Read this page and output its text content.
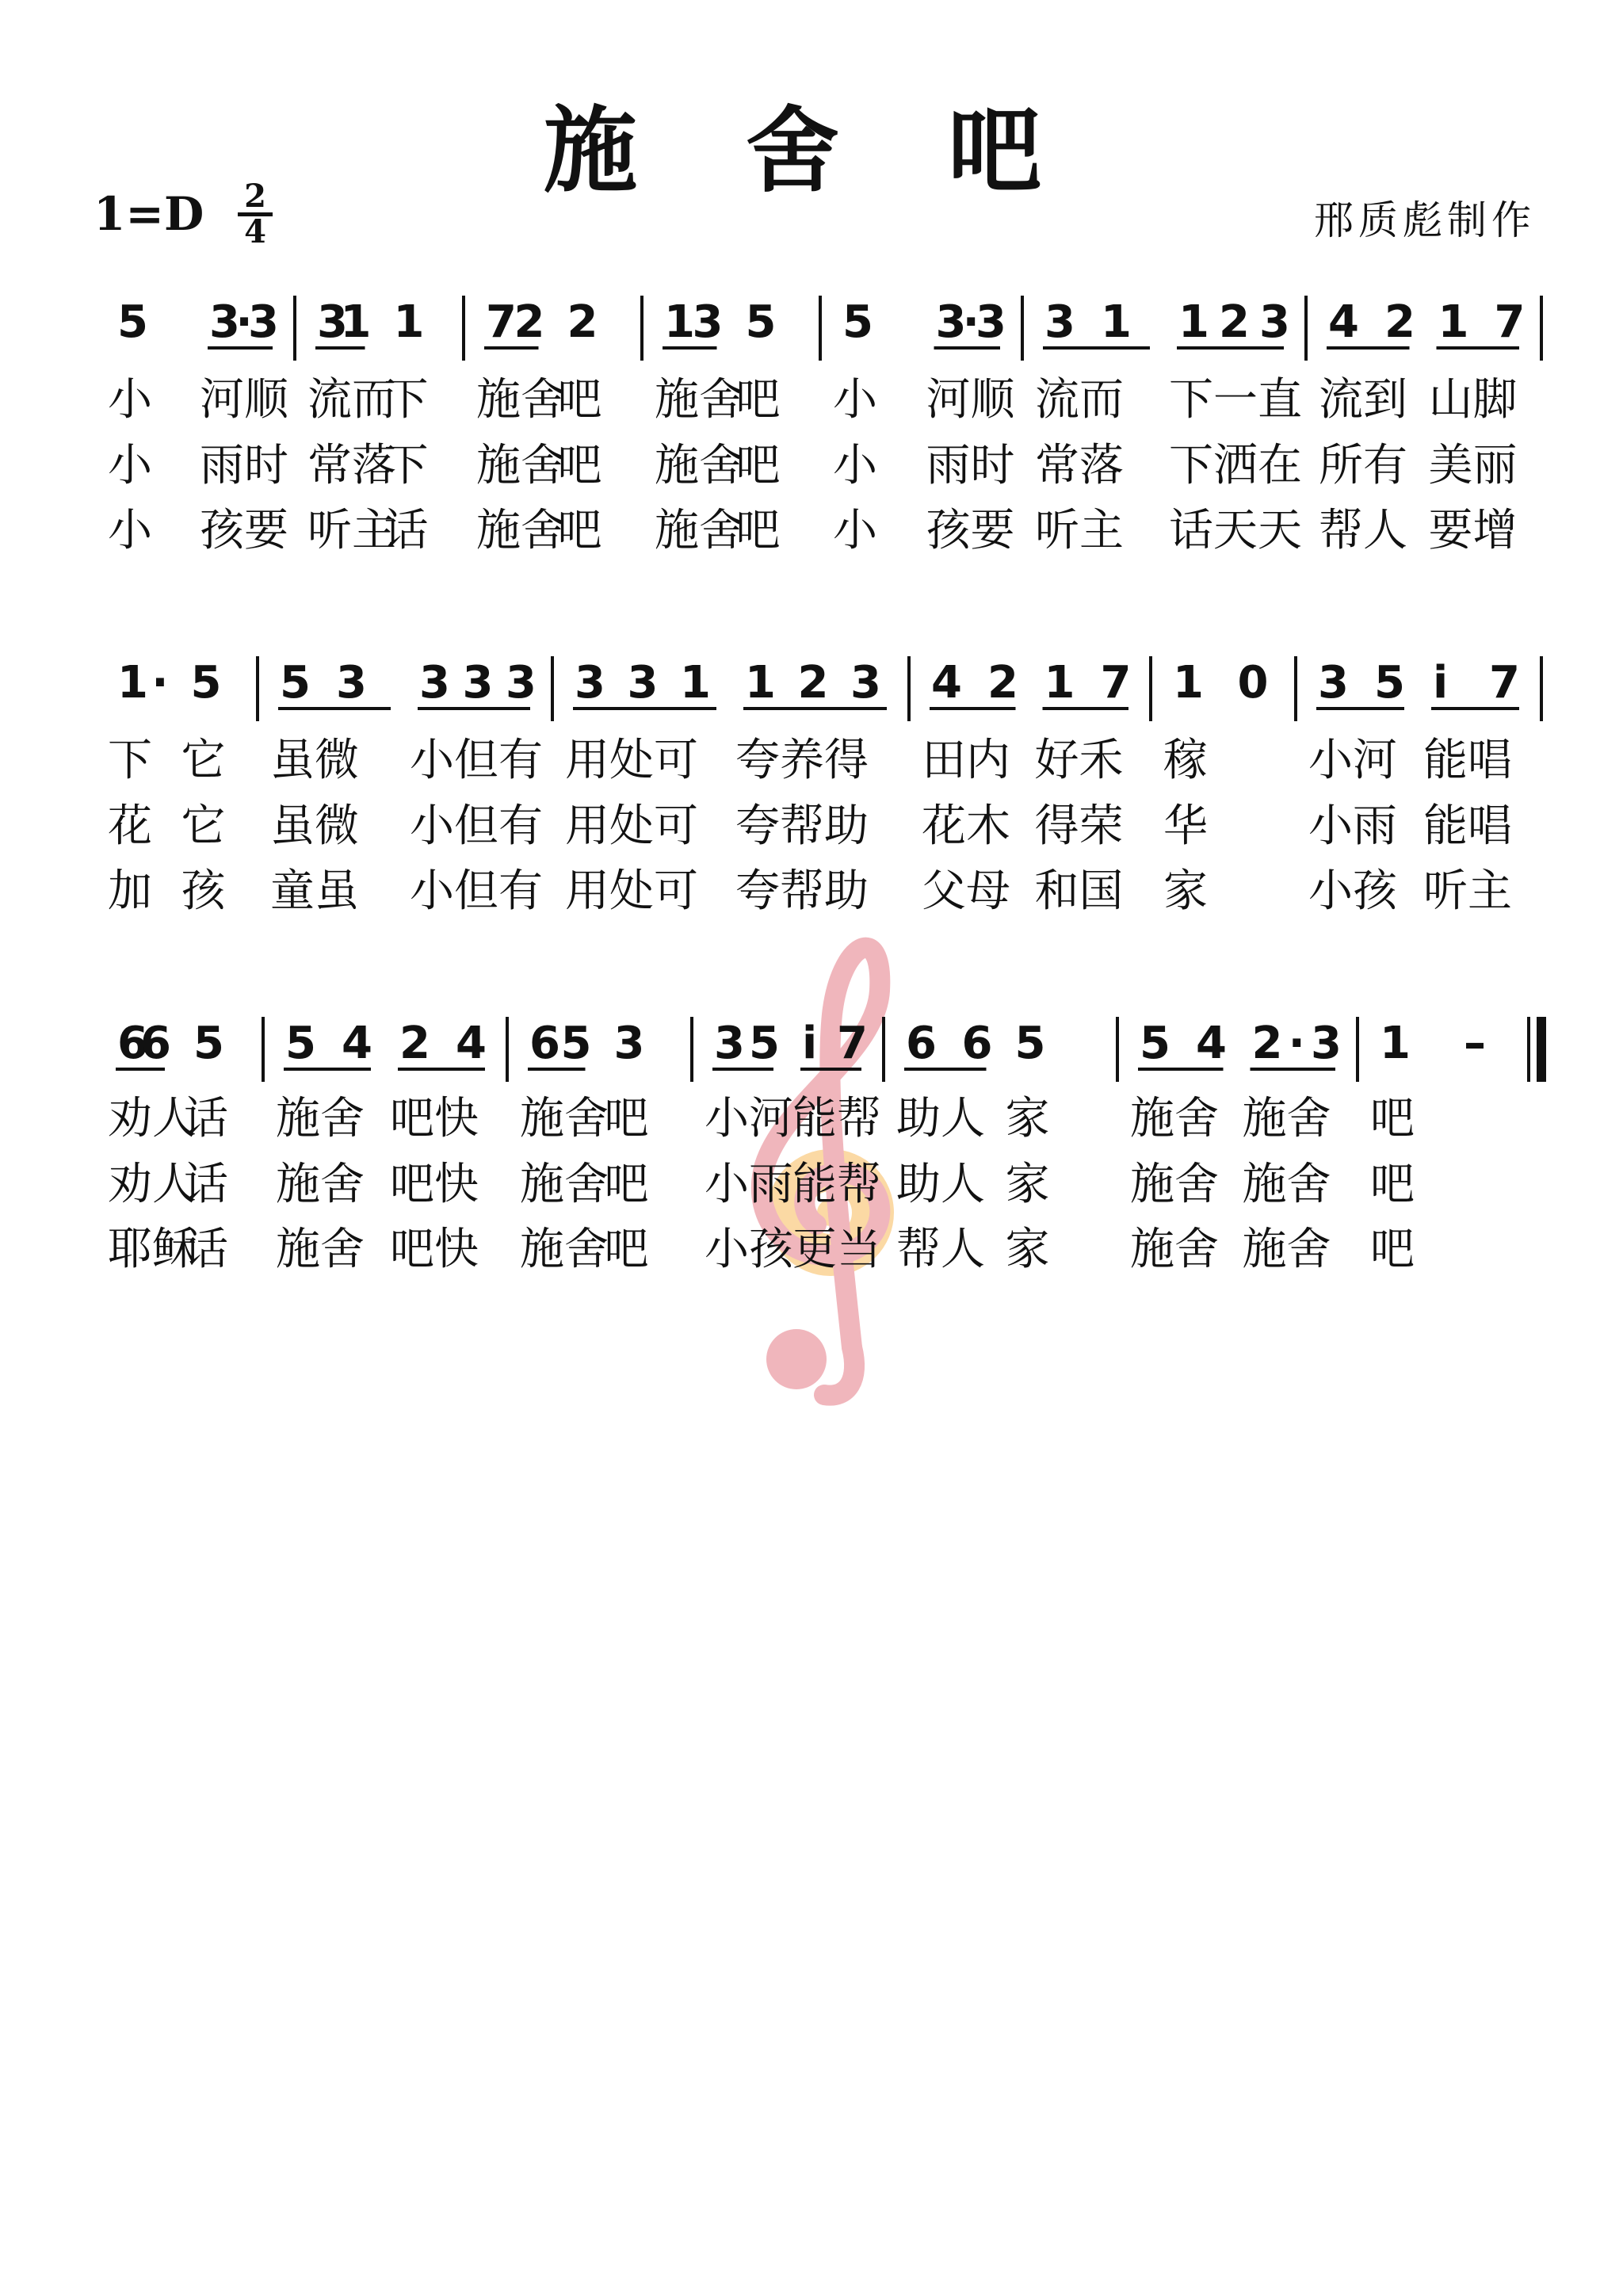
施 舍 吧
1=D 2
4	邢质彪制作
5 3·3
小 河顺
小 雨时
小 孩要
3 1 1
流而
下
常落
下
听主
话
7 2 2
施舍
吧
施舍
吧
施舍
吧
1 3 5
施舍
吧
施舍
吧
施舍
吧
5 3·3
小 河顺
小 雨时
小 孩要
3 1 1 2 3
流而 下一直
常落 下洒在
听主 话天天
4 2 1 7
流到 山脚
所有 美丽
帮人 要增
1· 5
下 它
花 它
加 孩
5 3 3 3 3
虽微 小但有
虽微 小但有
童虽 小但有
3 3 1 1 2 3
用处可 夸养得
用处可 夸帮助
用处可 夸帮助
4 2 1 7
田内 好禾
花木 得荣
父母 和国
1 0
稼
华
家
3 5 i 7
小河 能唱
小雨 能唱
小孩 听主
6 6 5
劝人
话
劝人
话
耶稣
话
5 4 2 4
施舍 吧快
施舍 吧快
施舍 吧快
6 5 3
施舍
吧
施舍
吧
施舍
吧
3 5 i 7
小河 能帮
小雨 能帮
小孩 更当
6 6 5
助人 家
助人 家
帮人 家
5 4 2·3
施舍 施舍
施舍 施舍
施舍 施舍
1 –
吧
吧
吧
